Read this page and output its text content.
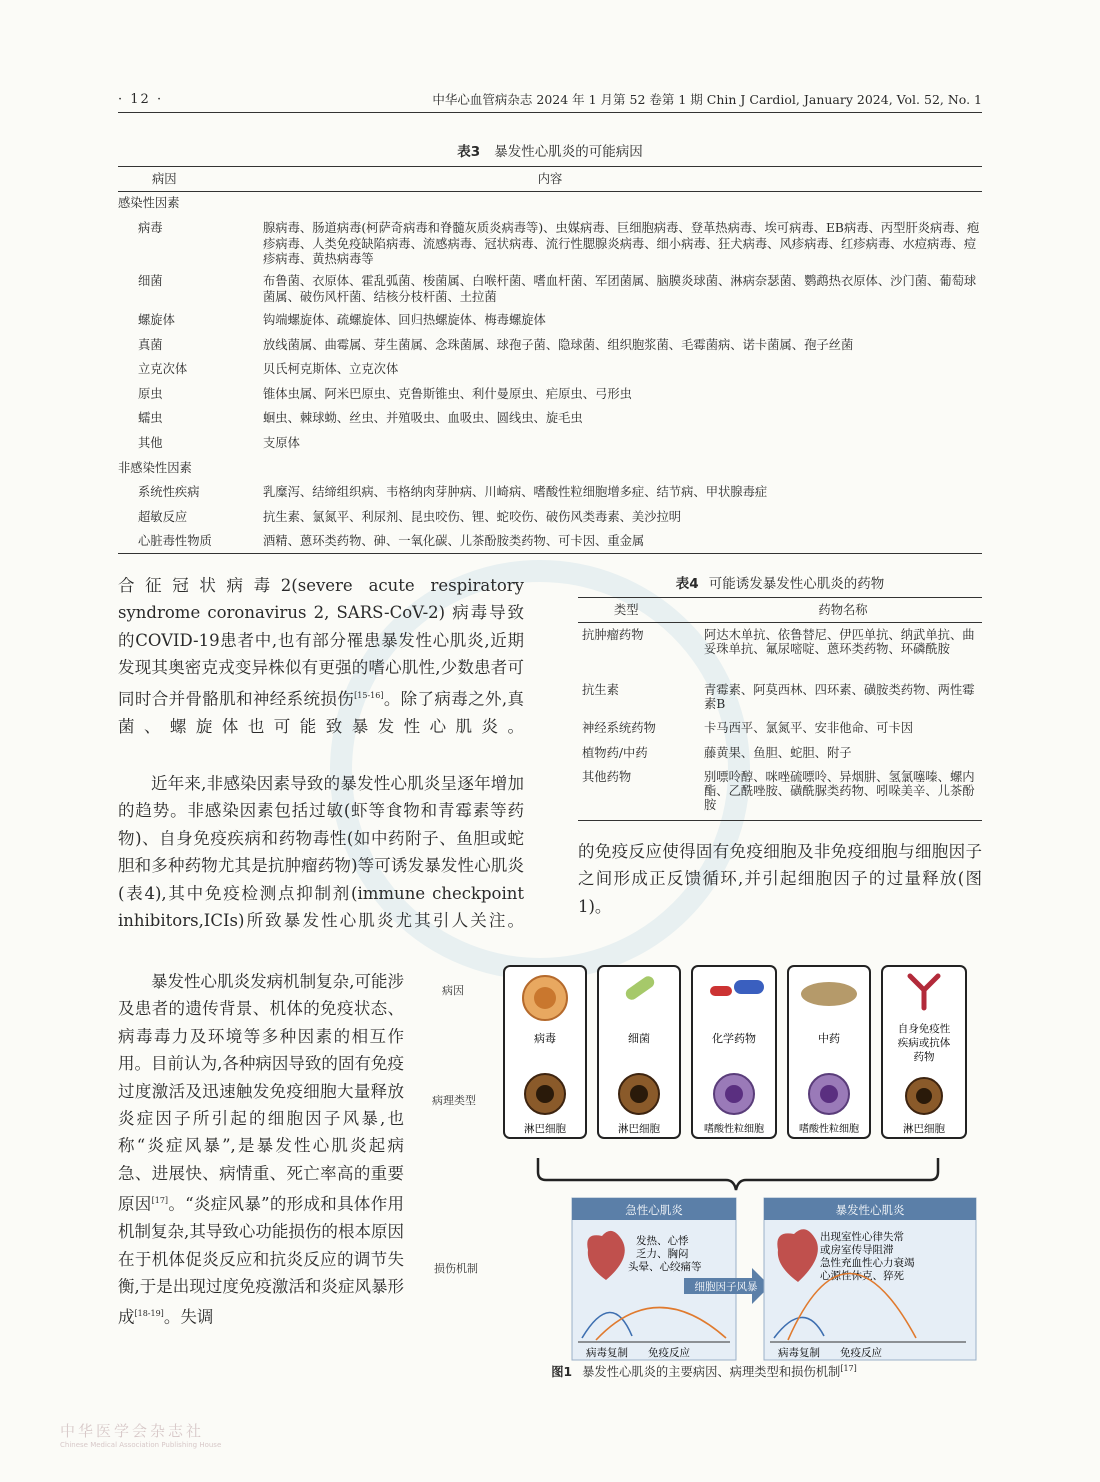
· 12 ·	中华心血管病杂志 2024 年 1 月第 52 卷第 1 期 Chin J Cardiol, January 2024, Vol. 52, No. 1
表3 暴发性心肌炎的可能病因
病因	内容
感染性因素
病毒	腺病毒、肠道病毒(柯萨奇病毒和脊髓灰质炎病毒等)、虫媒病毒、巨细胞病毒、登革热病毒、埃可病毒、EB病毒、丙型肝炎病毒、疱疹病毒、人类免疫缺陷病毒、流感病毒、冠状病毒、流行性腮腺炎病毒、细小病毒、狂犬病毒、风疹病毒、红疹病毒、水痘病毒、痘疹病毒、黄热病毒等
细菌	布鲁菌、衣原体、霍乱弧菌、梭菌属、白喉杆菌、嗜血杆菌、军团菌属、脑膜炎球菌、淋病奈瑟菌、鹦鹉热衣原体、沙门菌、葡萄球菌属、破伤风杆菌、结核分枝杆菌、土拉菌
螺旋体	钩端螺旋体、疏螺旋体、回归热螺旋体、梅毒螺旋体
真菌	放线菌属、曲霉属、芽生菌属、念珠菌属、球孢子菌、隐球菌、组织胞浆菌、毛霉菌病、诺卡菌属、孢子丝菌
立克次体	贝氏柯克斯体、立克次体
原虫	锥体虫属、阿米巴原虫、克鲁斯锥虫、利什曼原虫、疟原虫、弓形虫
蠕虫	蛔虫、棘球蚴、丝虫、并殖吸虫、血吸虫、圆线虫、旋毛虫
其他	支原体
非感染性因素
系统性疾病	乳糜泻、结缔组织病、韦格纳肉芽肿病、川崎病、嗜酸性粒细胞增多症、结节病、甲状腺毒症
超敏反应	抗生素、氯氮平、利尿剂、昆虫咬伤、锂、蛇咬伤、破伤风类毒素、美沙拉明
心脏毒性物质	酒精、蒽环类药物、砷、一氧化碳、儿茶酚胺类药物、可卡因、重金属
合征冠状病毒2(severe acute respiratory syndrome coronavirus 2, SARS-CoV-2) 病毒导致的COVID-19患者中,也有部分罹患暴发性心肌炎,近期发现其奥密克戎变异株似有更强的嗜心肌性,少数患者可同时合并骨骼肌和神经系统损伤[15-16]。除了病毒之外,真菌、螺旋体也可能致暴发性心肌炎。
近年来,非感染因素导致的暴发性心肌炎呈逐年增加的趋势。非感染因素包括过敏(虾等食物和青霉素等药物)、自身免疫疾病和药物毒性(如中药附子、鱼胆或蛇胆和多种药物尤其是抗肿瘤药物)等可诱发暴发性心肌炎(表4),其中免疫检测点抑制剂(immune checkpoint inhibitors,ICIs)所致暴发性心肌炎尤其引人关注。
暴发性心肌炎发病机制复杂,可能涉及患者的遗传背景、机体的免疫状态、病毒毒力及环境等多种因素的相互作用。目前认为,各种病因导致的固有免疫过度激活及迅速触发免疫细胞大量释放炎症因子所引起的细胞因子风暴,也称“炎症风暴”,是暴发性心肌炎起病急、进展快、病情重、死亡率高的重要原因[17]。“炎症风暴”的形成和具体作用机制复杂,其导致心功能损伤的根本原因在于机体促炎反应和抗炎反应的调节失衡,于是出现过度免疫激活和炎症风暴形成[18-19]。失调
表4 可能诱发暴发性心肌炎的药物
类型	药物名称
抗肿瘤药物	阿达木单抗、依鲁替尼、伊匹单抗、纳武单抗、曲妥珠单抗、氟尿嘧啶、蒽环类药物、环磷酰胺
抗生素	青霉素、阿莫西林、四环素、磺胺类药物、两性霉素B
神经系统药物	卡马西平、氯氮平、安非他命、可卡因
植物药/中药	藤黄果、鱼胆、蛇胆、附子
其他药物	别嘌呤醇、咪唑硫嘌呤、异烟肼、氢氯噻嗪、螺内酯、乙酰唑胺、磺酰脲类药物、吲哚美辛、儿茶酚胺
的免疫反应使得固有免疫细胞及非免疫细胞与细胞因子之间形成正反馈循环,并引起细胞因子的过量释放(图1)。
病因
病理类型
损伤机制
病毒
淋巴细胞
细菌
淋巴细胞
化学药物
嗜酸性粒细胞
中药
嗜酸性粒细胞
自身免疫性
疾病或抗体
药物
淋巴细胞
急性心肌炎
发热、心悸
乏力、胸闷
头晕、心绞痛等
病毒复制 免疫反应
细胞因子风暴
暴发性心肌炎
出现室性心律失常
或房室传导阻滞
急性充血性心力衰竭
心源性休克、猝死
病毒复制 免疫反应
图1 暴发性心肌炎的主要病因、病理类型和损伤机制[17]
中华医学会杂志社
Chinese Medical Association Publishing House
